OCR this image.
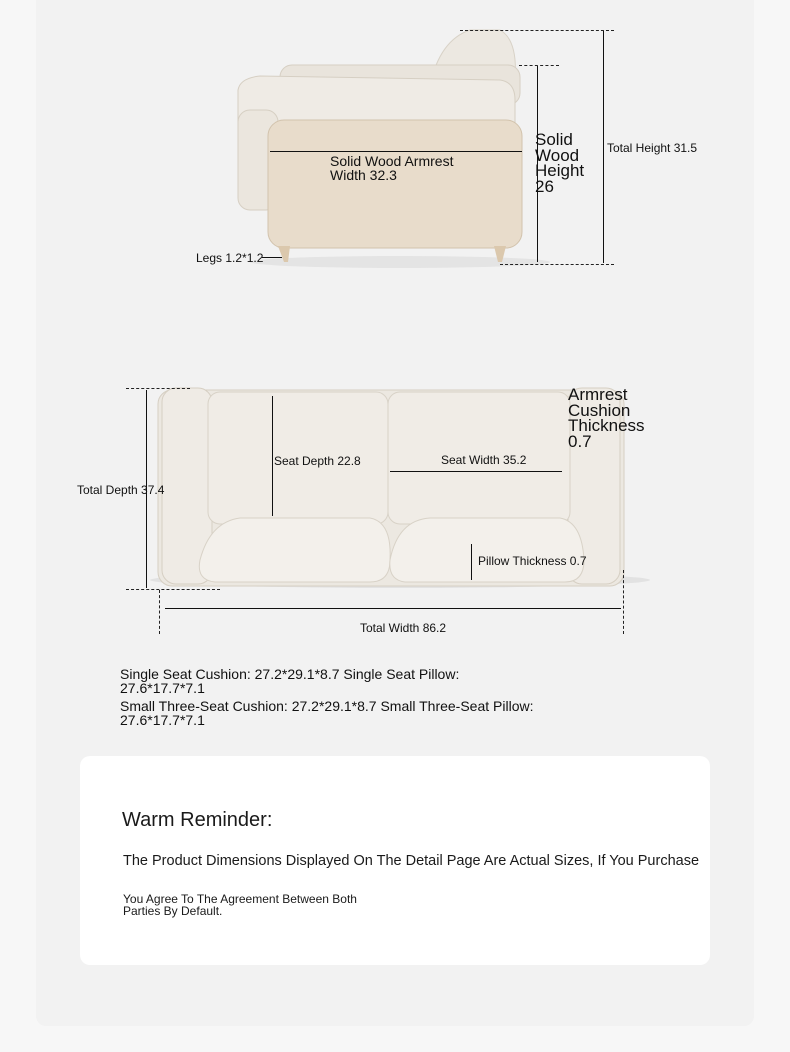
Solid Wood Armrest
Width 32.3
Solid
Wood
Height
26
Total Height 31.5
Legs 1.2*1.2
Armrest
Cushion
Thickness
0.7
Seat Depth 22.8	Seat Width 35.2
Total Depth 37.4
Pillow Thickness 0.7
Total Width 86.2
Single Seat Cushion: 27.2*29.1*8.7 Single Seat Pillow: 27.6*17.7*7.1
Small Three-Seat Cushion: 27.2*29.1*8.7 Small Three-Seat Pillow: 27.6*17.7*7.1
Warm Reminder:
The Product Dimensions Displayed On The Detail Page Are Actual Sizes, If You Purchase
You Agree To The Agreement Between Both Parties By Default.
